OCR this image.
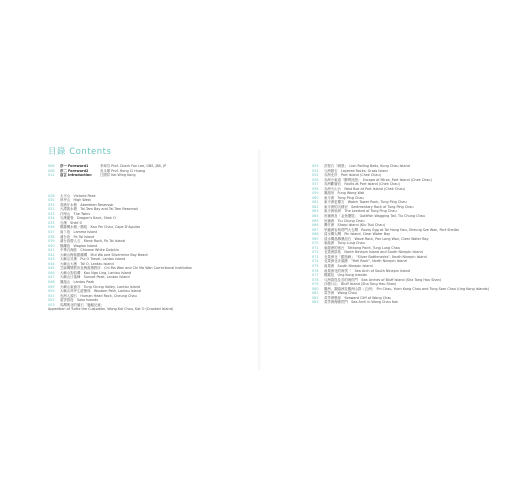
目錄 Contents
006	序一 Foreword1	李焯芬 Prof. Chack Fan Lee, GBS, JBS, JP
008	序二 Foreword2	吳永順 Prof. Hong Ci Huang
012	前言 Introduction	江國祥 Kai Wing Kong
028	太平山　Victoria Peak
030	昂坪山　High West
031	香港仔水塘　Aberdeen Reservoir
032	大潭篤水塘　Tai Tam Bay and Tai Tam Reservoir
033	孖崗山　The Twins
034	石澳龍脊　Dragon's Back, Shek O
035	石澳　Shek O
036	雞籠灣水塘／鶴咀　Kau Pei Chau, Cape D'Aguilar
037	南丫島　Lamma Island
038	蒲台島　Po Toi Island
039	蒲台島僧人石　Monk Rock, Po Toi Island
040	橫瀾島　Waglan Island
041	中華白海豚　Chinese White Dolphin
042	大嶼山梅窩銀礦灣　Mui Wo and Silvermine Bay Beach
043	大嶼山貝澳　Pui O Travel, Lantau Island
044	大嶼山大澳　Tai O, Lantau Island
045	芝麻灣懲教所及梅窩懲教所　Chi Ma Wan and Chi Ma Wan Correctional Institution
046	大嶼山狗虱灣　Kau Ngo Ling, Lantau Island
047	大嶼山日落峰　Sunset Peak, Lantau Island
048	鳳凰山　Lantau Peak
049	大嶼山東涌谷　Tung Chung Valley, Lantau Island
050	大嶼山昂坪心經簡林　Wisdom Path, Lantau Island
051	長洲人頭石　Human Head Rock, Cheung Chau
052	索罟群島　Soko Islands
053	馬灣奧北的龜石「龜龜兒童」
Apparition of Turtle the Custodian, Wong Kai Chau, Kat O (Crooked Island)
053	洪聖石「碉堡」　Lion Rolling Balls, Kung Chau Island
054	弓洲熱石　Layered Rocks, Grass Island
055	赤洲北岸　Port Island (Chek Chau)
056	赤洲小東道「斷臂西遊」　Escape of Mirza, Port Island (Chek Chau)
057	赤洲斷層岩　Faults at Port Island (Chek Chau)
058	赤洲火山台　Nest Box at Port Island (Chek Chau)
059	鳳凰形　Fung Wong Wat
060	東平洲　Tung Ping Chau
061	東平洲更樓石　Watch Tower Rock, Tung Ping Chau
062	東平洲的沉積岩　Sedimentary Rock of Tung Ping Chau
063	東平洲斜洲　The Leeland of Tung Ping Chau
064	吊鐘洲及「金魚擺尾」　Goldfish Wagging Tail, Tiu Chung Chau
065	吊鐘洲　Tiu Chung Chau
066	灣仔洲　Sharp Island (Kiu Tsui Chau)
067	甲鐵洲岩與塔門大石灣　Rocky Egg at Tai Hang Hau, Sheung Sze Wan, Port Shelter
068	清水灣大灣　Pin Island, Clear Water Bay
069	清水灣晶樽澳浪石　Wave Rock, Pan Long Wan, Clear Water Bay
070	東龍洲　Tung Lung Chau
071	東龍洲的炮台　Tathong Point, Tung Lung Chau
072	北果洲群島　North Ninepin Island and South Ninepin Island
073	北果洲北「銀瓶峰」　"Silver Bottlenecks", North Ninepin Island
074	北果洲北赤頭礁　"Hell Rock", North Ninepin Island
075	南果洲　South Ninepin Island
076	南果洲北的海拱「　Sea Arch of South Ninepin Island
077	雞籠島　Ung Kong Islands
078	弓洲群島及各的海拱門　Sea Arches of Bluff Island (Sha Tong Hau Shan)
079	沙塘口山　Bluff Island (Sha Tong Hau Shan)
080	籮洲、圓頭洲及籮洲山群（五洲）　Pin Chau, Yuen Kong Chau and Tung Sam Chau (Ung Kong Islands)
081	黃茅洲　Wong Chau
082	黃茅洲懸崖　Seaward Cliff of Wong Chau
083	黃茅洲海蝕拱門　Sea Arch in Wong Chau Kok
